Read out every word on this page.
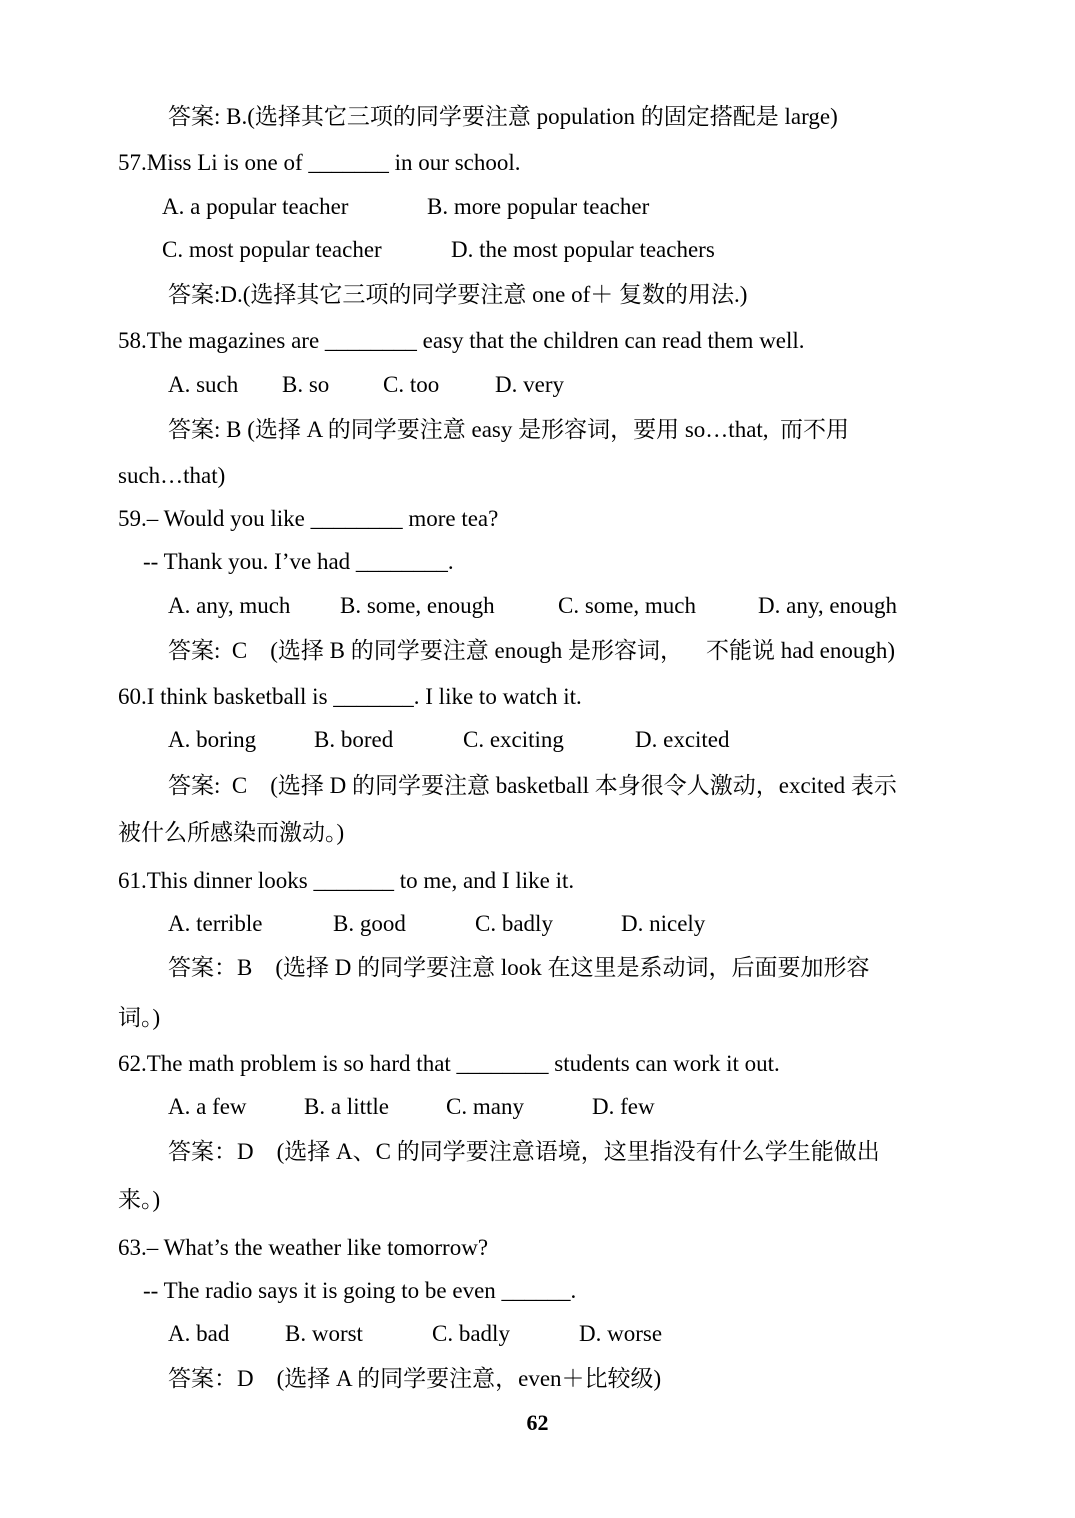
答案: B.(选择其它三项的同学要注意 population 的固定搭配是 large)
57.Miss Li is one of _______ in our school.
A. a popular teacher	B. more popular teacher
C. most popular teacher	D. the most popular teachers
答案:D.(选择其它三项的同学要注意 one of＋ 复数的用法.)
58.The magazines are ________ easy that the children can read them well.
A. such B. so C. too D. very
答案: B (选择 A 的同学要注意 easy 是形容词，要用 so…that,  而不用
such…that)
59.– Would you like ________ more tea?
-- Thank you. I’ve had ________.
A. any, much B. some, enough	C. some, much	D. any, enough
答案:  C    (选择 B 的同学要注意 enough 是形容词，    不能说 had enough)
60.I think basketball is _______. I like to watch it.
A. boring	B. bored	C. exciting	D. excited
答案:  C    (选择 D 的同学要注意 basketball 本身很令人激动，excited 表示
被什么所感染而激动。)
61.This dinner looks _______ to me, and I like it.
A. terrible	B. good	C. badly	D. nicely
答案：B    (选择 D 的同学要注意 look 在这里是系动词，后面要加形容
词。)
62.The math problem is so hard that ________ students can work it out.
A. a few B. a little C. many	D. few
答案：D    (选择 A、C 的同学要注意语境，这里指没有什么学生能做出
来。)
63.– What’s the weather like tomorrow?
-- The radio says it is going to be even ______.
A. bad B. worst	C. badly	D. worse
答案：D    (选择 A 的同学要注意，even＋比较级)
62
